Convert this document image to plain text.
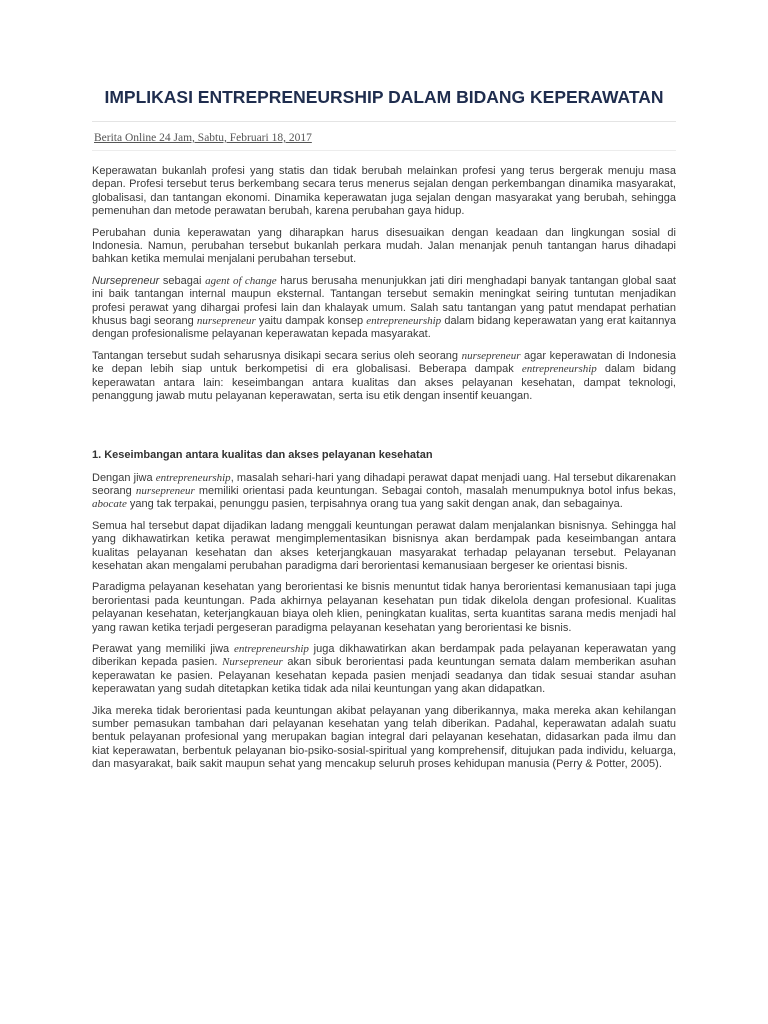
IMPLIKASI ENTREPRENEURSHIP DALAM BIDANG KEPERAWATAN
Berita Online 24 Jam, Sabtu, Februari 18, 2017

Keperawatan bukanlah profesi yang statis dan tidak berubah melainkan profesi yang terus bergerak menuju masa depan. Profesi tersebut terus berkembang secara terus menerus sejalan dengan perkembangan dinamika masyarakat, globalisasi, dan tantangan ekonomi. Dinamika keperawatan juga sejalan dengan masyarakat yang berubah, sehingga pemenuhan dan metode perawatan berubah, karena perubahan gaya hidup.

Perubahan dunia keperawatan yang diharapkan harus disesuaikan dengan keadaan dan lingkungan sosial di Indonesia. Namun, perubahan tersebut bukanlah perkara mudah. Jalan menanjak penuh tantangan harus dihadapi bahkan ketika memulai menjalani perubahan tersebut.

Nursepreneur sebagai agent of change harus berusaha menunjukkan jati diri menghadapi banyak tantangan global saat ini baik tantangan internal maupun eksternal. Tantangan tersebut semakin meningkat seiring tuntutan menjadikan profesi perawat yang dihargai profesi lain dan khalayak umum. Salah satu tantangan yang patut mendapat perhatian khusus bagi seorang nursepreneur yaitu dampak konsep entrepreneurship dalam bidang keperawatan yang erat kaitannya dengan profesionalisme pelayanan keperawatan kepada masyarakat.

Tantangan tersebut sudah seharusnya disikapi secara serius oleh seorang nursepreneur agar keperawatan di Indonesia ke depan lebih siap untuk berkompetisi di era globalisasi. Beberapa dampak entrepreneurship dalam bidang keperawatan antara lain: keseimbangan antara kualitas dan akses pelayanan kesehatan, dampat teknologi, penanggung jawab mutu pelayanan keperawatan, serta isu etik dengan insentif keuangan.

1. Keseimbangan antara kualitas dan akses pelayanan kesehatan

Dengan jiwa entrepreneurship, masalah sehari-hari yang dihadapi perawat dapat menjadi uang. Hal tersebut dikarenakan seorang nursepreneur memiliki orientasi pada keuntungan. Sebagai contoh, masalah menumpuknya botol infus bekas, abocate yang tak terpakai, penunggu pasien, terpisahnya orang tua yang sakit dengan anak, dan sebagainya.

Semua hal tersebut dapat dijadikan ladang menggali keuntungan perawat dalam menjalankan bisnisnya. Sehingga hal yang dikhawatirkan ketika perawat mengimplementasikan bisnisnya akan berdampak pada keseimbangan antara kualitas pelayanan kesehatan dan akses keterjangkauan masyarakat terhadap pelayanan tersebut. Pelayanan kesehatan akan mengalami perubahan paradigma dari berorientasi kemanusiaan bergeser ke orientasi bisnis.

Paradigma pelayanan kesehatan yang berorientasi ke bisnis menuntut tidak hanya berorientasi kemanusiaan tapi juga berorientasi pada keuntungan. Pada akhirnya pelayanan kesehatan pun tidak dikelola dengan profesional. Kualitas pelayanan kesehatan, keterjangkauan biaya oleh klien, peningkatan kualitas, serta kuantitas sarana medis menjadi hal yang rawan ketika terjadi pergeseran paradigma pelayanan kesehatan yang berorientasi ke bisnis.

Perawat yang memiliki jiwa entrepreneurship juga dikhawatirkan akan berdampak pada pelayanan keperawatan yang diberikan kepada pasien. Nursepreneur akan sibuk berorientasi pada keuntungan semata dalam memberikan asuhan keperawatan ke pasien. Pelayanan kesehatan kepada pasien menjadi seadanya dan tidak sesuai standar asuhan keperawatan yang sudah ditetapkan ketika tidak ada nilai keuntungan yang akan didapatkan.

Jika mereka tidak berorientasi pada keuntungan akibat pelayanan yang diberikannya, maka mereka akan kehilangan sumber pemasukan tambahan dari pelayanan kesehatan yang telah diberikan. Padahal, keperawatan adalah suatu bentuk pelayanan profesional yang merupakan bagian integral dari pelayanan kesehatan, didasarkan pada ilmu dan kiat keperawatan, berbentuk pelayanan bio-psiko-sosial-spiritual yang komprehensif, ditujukan pada individu, keluarga, dan masyarakat, baik sakit maupun sehat yang mencakup seluruh proses kehidupan manusia (Perry & Potter, 2005).
